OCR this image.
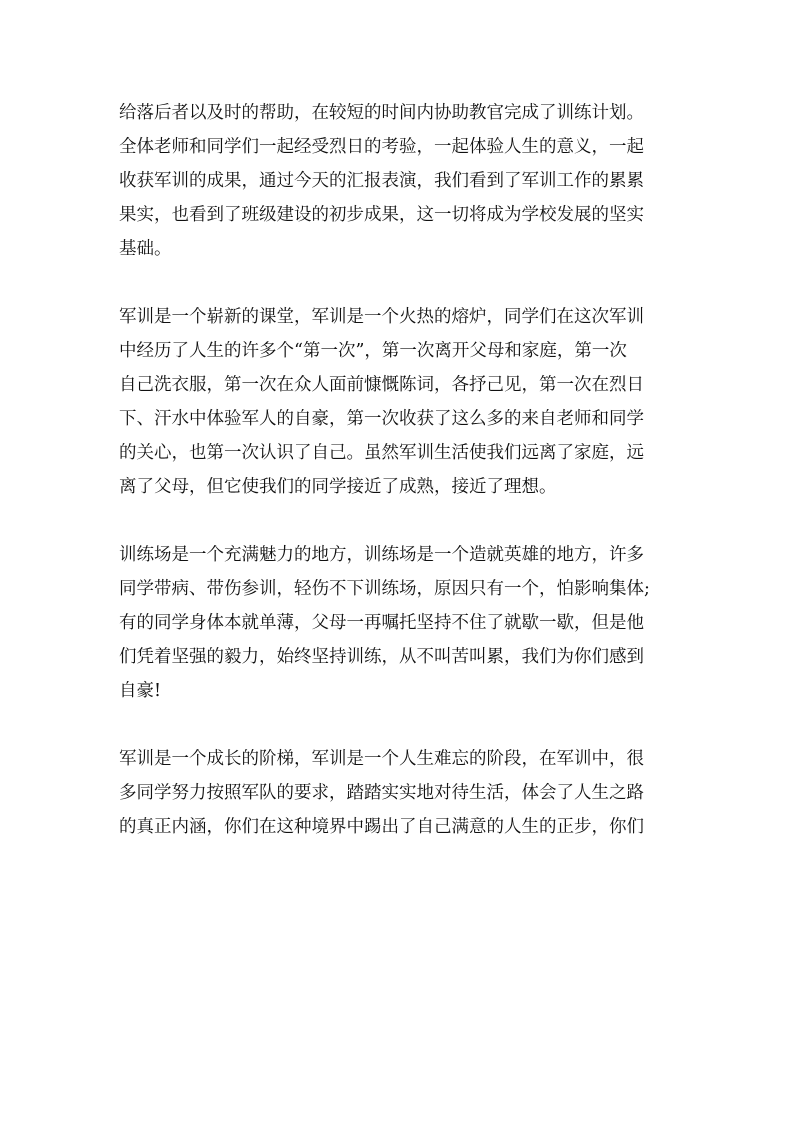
给落后者以及时的帮助，在较短的时间内协助教官完成了训练计划。
全体老师和同学们一起经受烈日的考验，一起体验人生的意义，一起
收获军训的成果，通过今天的汇报表演，我们看到了军训工作的累累
果实，也看到了班级建设的初步成果，这一切将成为学校发展的坚实
基础。
军训是一个崭新的课堂，军训是一个火热的熔炉，同学们在这次军训
中经历了人生的许多个“第一次”，第一次离开父母和家庭，第一次
自己洗衣服，第一次在众人面前慷慨陈词，各抒己见，第一次在烈日
下、汗水中体验军人的自豪，第一次收获了这么多的来自老师和同学
的关心，也第一次认识了自己。虽然军训生活使我们远离了家庭，远
离了父母，但它使我们的同学接近了成熟，接近了理想。
训练场是一个充满魅力的地方，训练场是一个造就英雄的地方，许多
同学带病、带伤参训，轻伤不下训练场，原因只有一个，怕影响集体;
有的同学身体本就单薄，父母一再嘱托坚持不住了就歇一歇，但是他
们凭着坚强的毅力，始终坚持训练，从不叫苦叫累，我们为你们感到
自豪!
军训是一个成长的阶梯，军训是一个人生难忘的阶段，在军训中，很
多同学努力按照军队的要求，踏踏实实地对待生活，体会了人生之路
的真正内涵，你们在这种境界中踢出了自己满意的人生的正步，你们
